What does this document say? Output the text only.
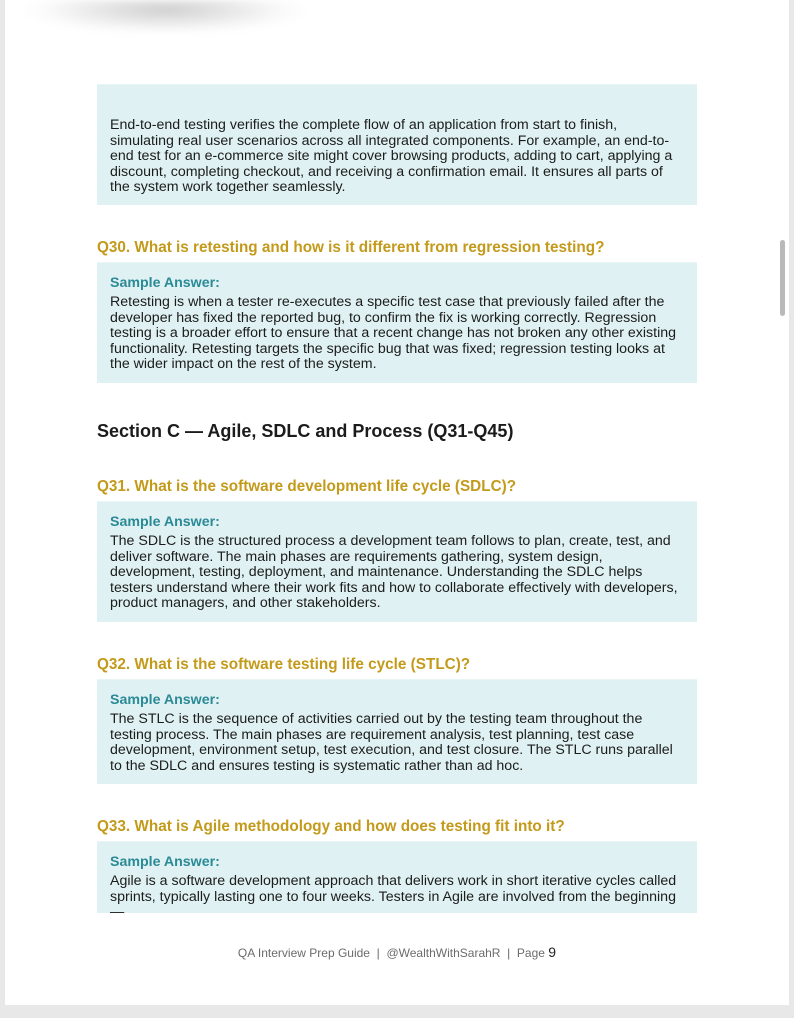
End-to-end testing verifies the complete flow of an application from start to finish, simulating real user scenarios across all integrated components. For example, an end-to-end test for an e-commerce site might cover browsing products, adding to cart, applying a discount, completing checkout, and receiving a confirmation email. It ensures all parts of the system work together seamlessly.

Q30. What is retesting and how is it different from regression testing?
Sample Answer:

Retesting is when a tester re-executes a specific test case that previously failed after the developer has fixed the reported bug, to confirm the fix is working correctly. Regression testing is a broader effort to ensure that a recent change has not broken any other existing functionality. Retesting targets the specific bug that was fixed; regression testing looks at the wider impact on the rest of the system.

Section C — Agile, SDLC and Process (Q31-Q45)
Q31. What is the software development life cycle (SDLC)?
Sample Answer:

The SDLC is the structured process a development team follows to plan, create, test, and deliver software. The main phases are requirements gathering, system design, development, testing, deployment, and maintenance. Understanding the SDLC helps testers understand where their work fits and how to collaborate effectively with developers, product managers, and other stakeholders.

Q32. What is the software testing life cycle (STLC)?
Sample Answer:

The STLC is the sequence of activities carried out by the testing team throughout the testing process. The main phases are requirement analysis, test planning, test case development, environment setup, test execution, and test closure. The STLC runs parallel to the SDLC and ensures testing is systematic rather than ad hoc.

Q33. What is Agile methodology and how does testing fit into it?
Sample Answer:

Agile is a software development approach that delivers work in short iterative cycles called sprints, typically lasting one to four weeks. Testers in Agile are involved from the beginning —

QA Interview Prep Guide | @WealthWithSarahR | Page 9
